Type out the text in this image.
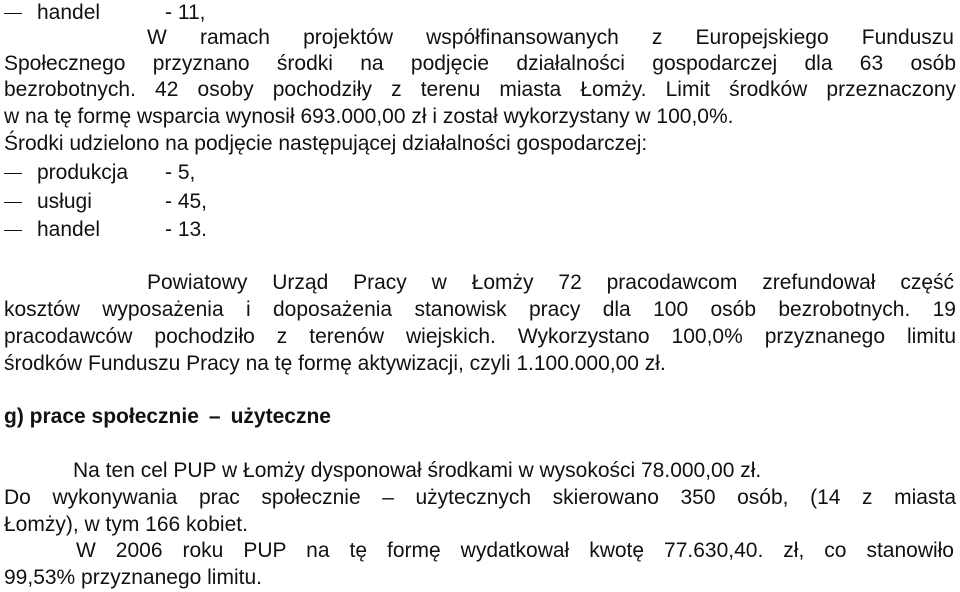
handel	- 11,
W ramach projektów współfinansowanych z Europejskiego Funduszu
Społecznego przyznano środki na podjęcie działalności gospodarczej dla 63 osób
bezrobotnych. 42 osoby pochodziły z terenu miasta Łomży. Limit środków przeznaczony
w na tę formę wsparcia wynosił 693.000,00 zł i został wykorzystany w 100,0%.
Środki udzielono na podjęcie następującej działalności gospodarczej:
produkcja - 5,
usługi	- 45,
handel	- 13.
Powiatowy Urząd Pracy w Łomży 72 pracodawcom zrefundował część
kosztów wyposażenia i doposażenia stanowisk pracy dla 100 osób bezrobotnych. 19
pracodawców pochodziło z terenów wiejskich. Wykorzystano 100,0% przyznanego limitu
środków Funduszu Pracy na tę formę aktywizacji, czyli 1.100.000,00 zł.
g) prace społecznie – użyteczne
Na ten cel PUP w Łomży dysponował środkami w wysokości 78.000,00 zł.
Do wykonywania prac społecznie – użytecznych skierowano 350 osób, (14 z miasta
Łomży), w tym 166 kobiet.
W 2006 roku PUP na tę formę wydatkował kwotę 77.630,40. zł, co stanowiło
99,53% przyznanego limitu.
